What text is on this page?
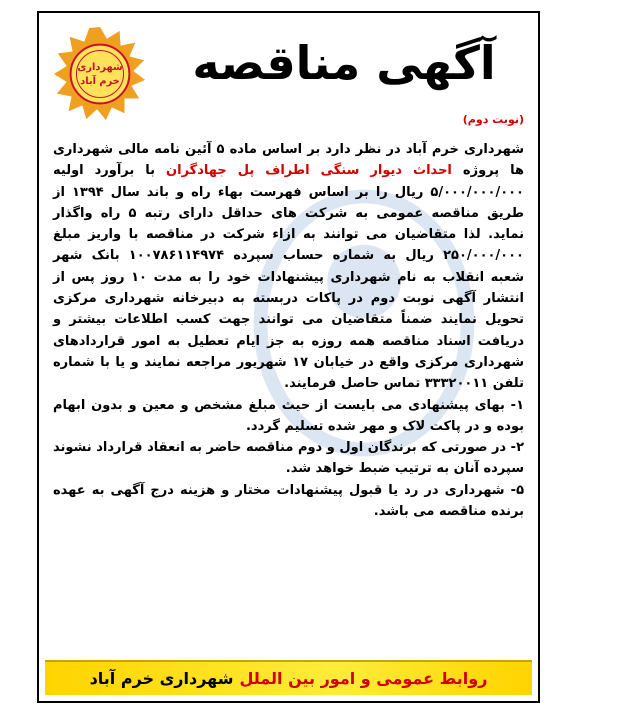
شهرداری
خرم آباد	آگهی مناقصه
(نوبت دوم)

شهرداری خرم آباد در نظر دارد بر اساس ماده ۵ آئین نامه مالی شهرداری ها پروژه احداث دیوار سنگی اطراف پل جهادگران با برآورد اولیه ۵/۰۰۰/۰۰۰/۰۰۰ ریال را بر اساس فهرست بهاء راه و باند سال ۱۳۹۴ از طریق مناقصه عمومی به شرکت های حداقل دارای رتبه ۵ راه واگذار نماید. لذا متقاضیان می توانند به ازاء شرکت در مناقصه با واریز مبلغ ۲۵۰/۰۰۰/۰۰۰ ریال به شماره حساب سپرده ۱۰۰۷۸۶۱۱۴۹۷۴ بانک شهر شعبه انقلاب به نام شهرداری پیشنهادات خود را به مدت ۱۰ روز پس از انتشار آگهی نوبت دوم در پاکات دربسته به دبیرخانه شهرداری مرکزی تحویل نمایند ضمناً متقاضیان می توانند جهت کسب اطلاعات بیشتر و دریافت اسناد مناقصه همه روزه به جز ایام تعطیل به امور قراردادهای شهرداری مرکزی واقع در خیابان ۱۷ شهریور مراجعه نمایند و یا با شماره تلفن ۳۳۳۲۰۰۱۱ تماس حاصل فرمایند.

۱- بهای پیشنهادی می بایست از حیث مبلغ مشخص و معین و بدون ابهام بوده و در پاکت لاک و مهر شده تسلیم گردد.

۲- در صورتی که برندگان اول و دوم مناقصه حاضر به انعقاد قرارداد نشوند سپرده آنان به ترتیب ضبط خواهد شد.

۵- شهرداری در رد یا قبول پیشنهادات مختار و هزینه درج آگهی به عهده برنده مناقصه می باشد.

روابط عمومی و امور بین الملل
شهرداری خرم آباد
